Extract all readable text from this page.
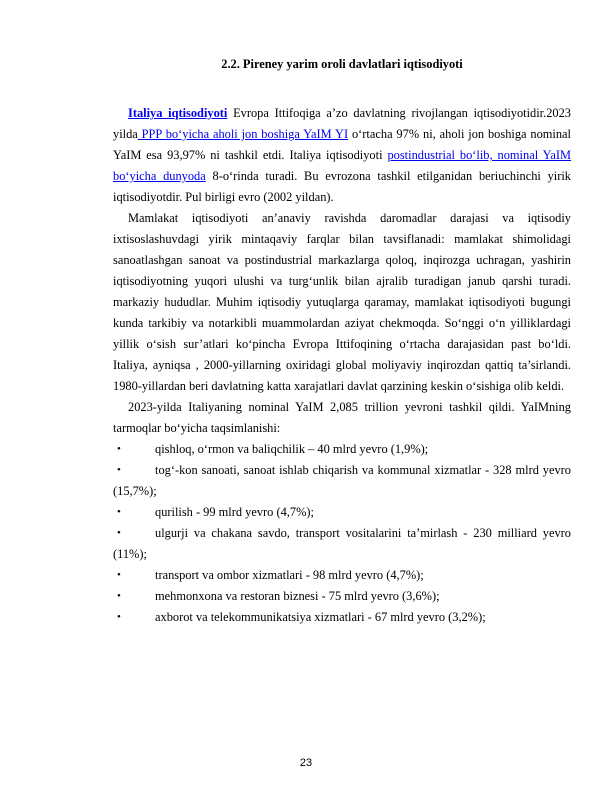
2.2. Pireney yarim oroli davlatlari iqtisodiyoti

Italiya iqtisodiyoti Evropa Ittifoqiga a’zo davlatning rivojlangan iqtisodiyotidir.2023 yilda PPP bo‘yicha aholi jon boshiga YaIM YI o‘rtacha 97% ni, aholi jon boshiga nominal YaIM esa 93,97% ni tashkil etdi. Italiya iqtisodiyoti postindustrial bo‘lib, nominal YaIM bo‘yicha dunyoda 8-o‘rinda turadi. Bu evrozona tashkil etilganidan beriuchinchi yirik iqtisodiyotdir. Pul birligi evro (2002 yildan).

Mamlakat iqtisodiyoti an’anaviy ravishda daromadlar darajasi va iqtisodiy ixtisoslashuvdagi yirik mintaqaviy farqlar bilan tavsiflanadi: mamlakat shimolidagi sanoatlashgan sanoat va postindustrial markazlarga qoloq, inqirozga uchragan, yashirin iqtisodiyotning yuqori ulushi va turg‘unlik bilan ajralib turadigan janub qarshi turadi. markaziy hududlar. Muhim iqtisodiy yutuqlarga qaramay, mamlakat iqtisodiyoti bugungi kunda tarkibiy va notarkibli muammolardan aziyat chekmoqda. So‘nggi o‘n yilliklardagi yillik o‘sish sur’atlari ko‘pincha Evropa Ittifoqining o‘rtacha darajasidan past bo‘ldi. Italiya, ayniqsa , 2000-yillarning oxiridagi global moliyaviy inqirozdan qattiq ta’sirlandi. 1980-yillardan beri davlatning katta xarajatlari davlat qarzining keskin o‘sishiga olib keldi.

2023-yilda Italiyaning nominal YaIM 2,085 trillion yevroni tashkil qildi. YaIMning tarmoqlar bo‘yicha taqsimlanishi:

•	qishloq, o‘rmon va baliqchilik – 40 mlrd yevro (1,9%);
•	tog‘-kon sanoati, sanoat ishlab chiqarish va kommunal xizmatlar - 328 mlrd yevro (15,7%);
•	qurilish - 99 mlrd yevro (4,7%);
•	ulgurji va chakana savdo, transport vositalarini ta’mirlash - 230 milliard yevro (11%);
•	transport va ombor xizmatlari - 98 mlrd yevro (4,7%);
•	mehmonxona va restoran biznesi - 75 mlrd yevro (3,6%);
•	axborot va telekommunikatsiya xizmatlari - 67 mlrd yevro (3,2%);
23
